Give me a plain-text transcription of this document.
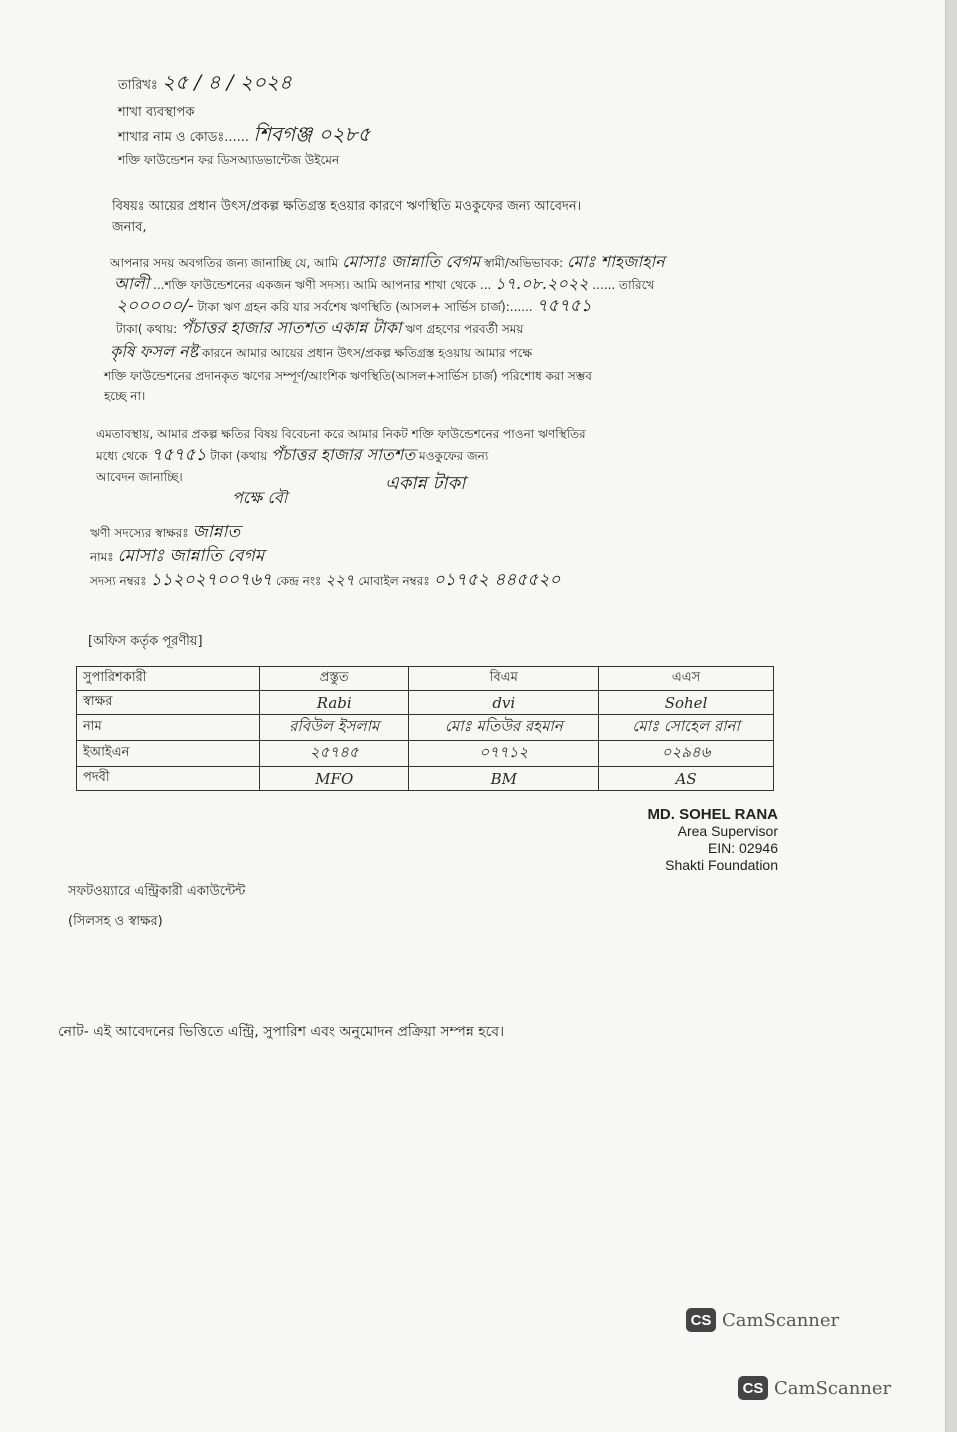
তারিখঃ ২৫ / ৪ / ২০২৪
শাখা ব্যবস্থাপক
শাখার নাম ও কোডঃ...... শিবগঞ্জ ০২৮৫
শক্তি ফাউন্ডেশন ফর ডিসঅ্যাডভান্টেজ উইমেন
বিষয়ঃ আয়ের প্রধান উৎস/প্রকল্প ক্ষতিগ্রস্ত হওয়ার কারণে ঋণস্থিতি মওকুফের জন্য আবেদন।
জনাব,
আপনার সদয় অবগতির জন্য জানাচ্ছি যে, আমি মোসাঃ জান্নাতি বেগম স্বামী/অভিভাবক: মোঃ শাহজাহান
আলী ...শক্তি ফাউন্ডেশনের একজন ঋণী সদস্য। আমি আপনার শাখা থেকে ... ১৭.০৮.২০২২ ...... তারিখে
২০০০০০/- টাকা ঋণ গ্রহন করি যার সর্বশেষ ঋণস্থিতি (আসল+ সার্ভিস চার্জ):...... ৭৫৭৫১
টাকা( কথায়: পঁচাত্তর হাজার সাতশত একান্ন টাকা ঋণ গ্রহণের পরবর্তী সময়
কৃষি ফসল নষ্ট কারনে আমার আয়ের প্রধান উৎস/প্রকল্প ক্ষতিগ্রস্ত হওয়ায় আমার পক্ষে
শক্তি ফাউন্ডেশনের প্রদানকৃত ঋণের সম্পূর্ণ/আংশিক ঋণস্থিতি(আসল+সার্ভিস চার্জ) পরিশোধ করা সম্ভব
হচ্ছে না।
এমতাবস্থায়, আমার প্রকল্প ক্ষতির বিষয় বিবেচনা করে আমার নিকট শক্তি ফাউন্ডেশনের পাওনা ঋণস্থিতির
মধ্যে থেকে ৭৫৭৫১ টাকা (কথায় পঁচাত্তর হাজার সাতশত মওকুফের জন্য
আবেদন জানাচ্ছি।	একান্ন টাকা
পক্ষে বৌ
ঋণী সদস্যের স্বাক্ষরঃ জান্নাত
নামঃ মোসাঃ জান্নাতি বেগম
সদস্য নম্বরঃ ১১২০২৭০০৭৬৭ কেন্দ্র নংঃ ২২৭ মোবাইল নম্বরঃ ০১৭৫২ ৪৪৫৫২০
[অফিস কর্তৃক পূরণীয়]
সুপারিশকারী	প্রস্তুত	বিএম	এএস
স্বাক্ষর	Rabi	dvi	Sohel
নাম	রবিউল ইসলাম	মোঃ মতিউর রহমান	মোঃ সোহেল রানা
ইআইএন	২৫৭৪৫	০৭৭১২	০২৯৪৬
পদবী	MFO	BM	AS
MD. SOHEL RANA
Area Supervisor
EIN: 02946
Shakti Foundation
সফটওয়্যারে এন্ট্রিকারী একাউন্টেন্ট
(সিলসহ ও স্বাক্ষর)
নোট- এই আবেদনের ভিত্তিতে এন্ট্রি, সুপারিশ এবং অনুমোদন প্রক্রিয়া সম্পন্ন হবে।
CS CamScanner
CS CamScanner
